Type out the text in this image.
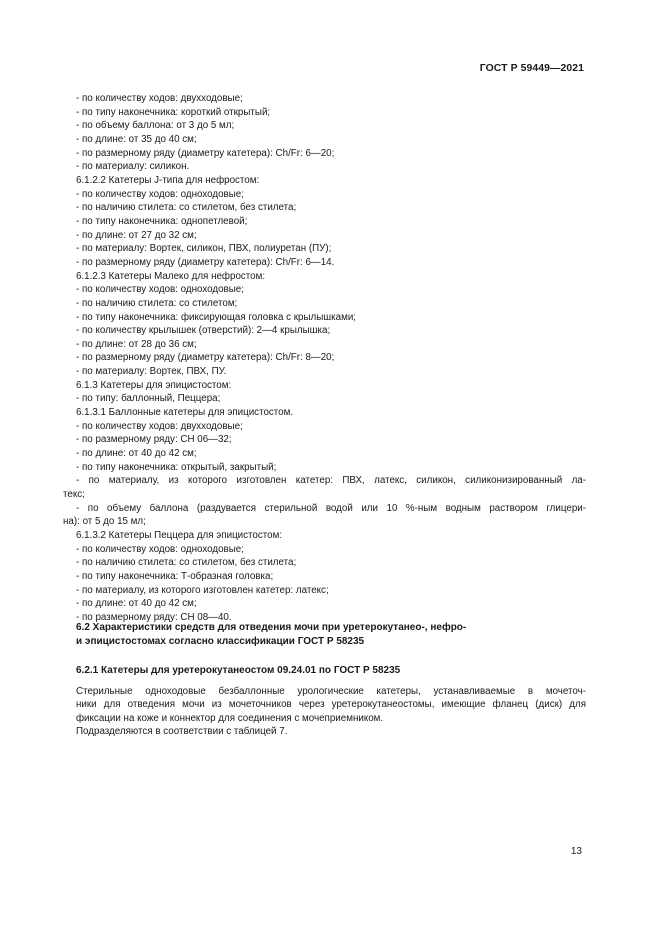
ГОСТ Р 59449—2021
- по количеству ходов: двухходовые;
- по типу наконечника: короткий открытый;
- по объему баллона: от 3 до 5 мл;
- по длине: от 35 до 40 см;
- по размерному ряду (диаметру катетера): Ch/Fr: 6—20;
- по материалу: силикон.
6.1.2.2 Катетеры J-типа для нефростом:
- по количеству ходов: одноходовые;
- по наличию стилета: со стилетом, без стилета;
- по типу наконечника: однопетлевой;
- по длине: от 27 до 32 см;
- по материалу: Вортек, силикон, ПВХ, полиуретан (ПУ);
- по размерному ряду (диаметру катетера): Ch/Fr: 6—14.
6.1.2.3 Катетеры Малеко для нефростом:
- по количеству ходов: одноходовые;
- по наличию стилета: со стилетом;
- по типу наконечника: фиксирующая головка с крылышками;
- по количеству крылышек (отверстий): 2—4 крылышка;
- по длине: от 28 до 36 см;
- по размерному ряду (диаметру катетера): Ch/Fr: 8—20;
- по материалу: Вортек, ПВХ, ПУ.
6.1.3 Катетеры для эпицистостом:
- по типу: баллонный, Пеццера;
6.1.3.1 Баллонные катетеры для эпицистостом.
- по количеству ходов: двухходовые;
- по размерному ряду: СН 06—32;
- по длине: от 40 до 42 см;
- по типу наконечника: открытый, закрытый;
- по материалу, из которого изготовлен катетер: ПВХ, латекс, силикон, силиконизированный ла-
текс;
- по объему баллона (раздувается стерильной водой или 10 %-ным водным раствором глицери-
на): от 5 до 15 мл;
6.1.3.2 Катетеры Пеццера для эпицистостом:
- по количеству ходов: одноходовые;
- по наличию стилета: со стилетом, без стилета;
- по типу наконечника: Т-образная головка;
- по материалу, из которого изготовлен катетер: латекс;
- по длине: от 40 до 42 см;
- по размерному ряду: СН 08—40.
6.2 Характеристики средств для отведения мочи при уретерокутанео-, нефро-
и эпицистостомах согласно классификации ГОСТ Р 58235
6.2.1 Катетеры для уретерокутанеостом 09.24.01 по ГОСТ Р 58235
Стерильные одноходовые безбаллонные урологические катетеры, устанавливаемые в мочеточ-
ники для отведения мочи из мочеточников через уретерокутанеостомы, имеющие фланец (диск) для
фиксации на коже и коннектор для соединения с мочеприемником.
Подразделяются в соответствии с таблицей 7.
13
